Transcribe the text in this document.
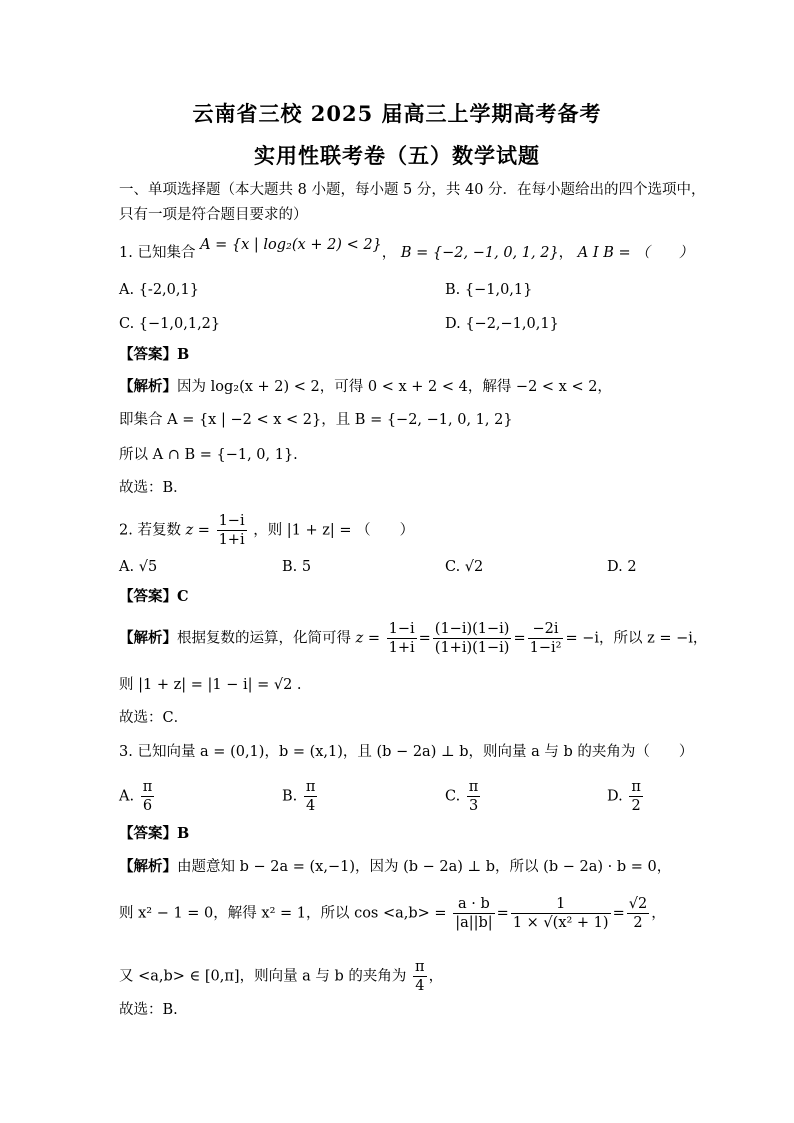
云南省三校 2025 届高三上学期高考备考
实用性联考卷（五）数学试题
一、单项选择题（本大题共 8 小题，每小题 5 分，共 40 分．在每小题给出的四个选项中，
只有一项是符合题目要求的）
1. 已知集合 A = {x | log₂(x + 2) < 2}， B = {−2, −1, 0, 1, 2}， A I B = （　　）
A. {-2,0,1}	B. {−1,0,1}
C. {−1,0,1,2}	D. {−2,−1,0,1}
【答案】B
【解析】因为 log₂(x + 2) < 2，可得 0 < x + 2 < 4，解得 −2 < x < 2，
即集合 A = {x | −2 < x < 2}，且 B = {−2, −1, 0, 1, 2}
所以 A ∩ B = {−1, 0, 1}.
故选：B．
2. 若复数 $z = \frac{1-i}{1+i}$ ，则 |1 + z| = （　　）
A. √5	B. 5	C. √2	D. 2
【答案】C
【解析】根据复数的运算，化简可得 $z = \frac{1-i}{1+i} = \frac{(1-i)(1-i)}{(1+i)(1-i)} = \frac{-2i}{\text{1−i²}} = -i$，所以 z = −i，
则 |1 + z| = |1 − i| = √2 .
故选：C．
3. 已知向量 a = (0,1)，b = (x,1)，且 (b − 2a) ⊥ b，则向量 a 与 b 的夹角为（　　）
A. $\frac{\pi}{6}$	B. $\frac{\pi}{4}$	C. $\frac{\pi}{3}$	D. $\frac{\pi}{2}$
【答案】B
【解析】由题意知 b − 2a = (x,−1)，因为 (b − 2a) ⊥ b，所以 (b − 2a) · b = 0，
则 x² − 1 = 0，解得 x² = 1，所以 $\cos <a,b> = \frac{a \cdot b}{|a||b|} = \frac{1}{\text{1 × √(x² + 1)}} = \frac{√2}{2}$ ，
又 <a,b> ∈ [0,π]，则向量 a 与 b 的夹角为 $\frac{\pi}{4}$ ，
故选：B.
